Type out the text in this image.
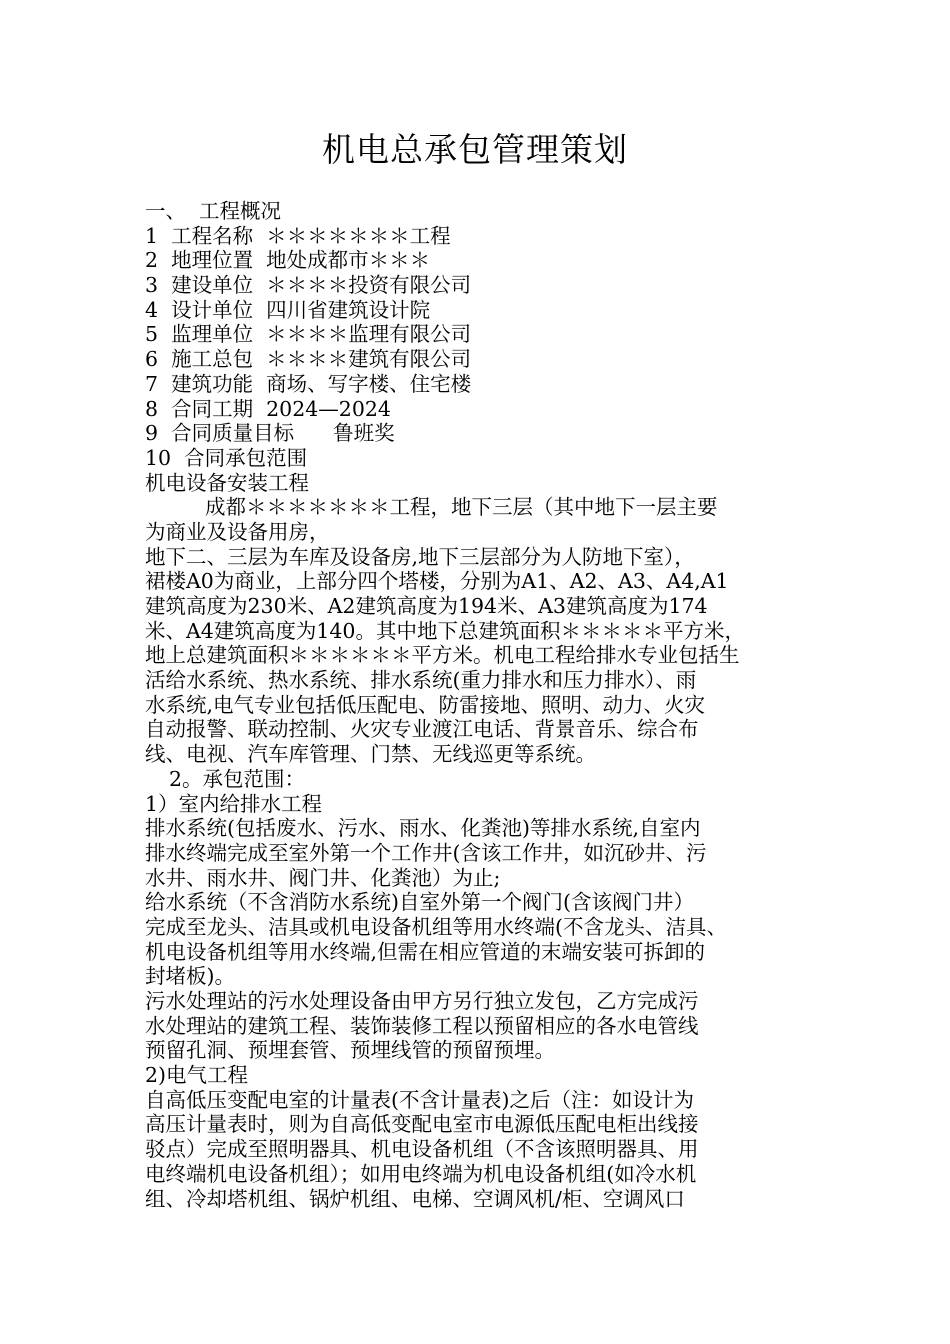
机电总承包管理策划
一、  工程概况
1  工程名称  ＊＊＊＊＊＊＊工程
2  地理位置  地处成都市＊＊＊
3  建设单位  ＊＊＊＊投资有限公司
4  设计单位  四川省建筑设计院
5  监理单位  ＊＊＊＊监理有限公司
6  施工总包  ＊＊＊＊建筑有限公司
7  建筑功能  商场、写字楼、住宅楼
8  合同工期  2024—2024
9  合同质量目标      鲁班奖
10  合同承包范围
机电设备安装工程
成都＊＊＊＊＊＊＊工程，地下三层（其中地下一层主要
为商业及设备用房，
地下二、三层为车库及设备房,地下三层部分为人防地下室），
裙楼A0为商业，上部分四个塔楼，分别为A1、A2、A3、A4,A1
建筑高度为230米、A2建筑高度为194米、A3建筑高度为174
米、A4建筑高度为140。其中地下总建筑面积＊＊＊＊＊平方米，
地上总建筑面积＊＊＊＊＊＊平方米。机电工程给排水专业包括生
活给水系统、热水系统、排水系统(重力排水和压力排水）、雨
水系统,电气专业包括低压配电、防雷接地、照明、动力、火灾
自动报警、联动控制、火灾专业渡江电话、背景音乐、综合布
线、电视、汽车库管理、门禁、无线巡更等系统。
2。承包范围：
1）室内给排水工程
排水系统(包括废水、污水、雨水、化粪池)等排水系统,自室内
排水终端完成至室外第一个工作井(含该工作井，如沉砂井、污
水井、雨水井、阀门井、化粪池）为止;
给水系统（不含消防水系统)自室外第一个阀门(含该阀门井）
完成至龙头、洁具或机电设备机组等用水终端(不含龙头、洁具、
机电设备机组等用水终端,但需在相应管道的末端安装可拆卸的
封堵板)。
污水处理站的污水处理设备由甲方另行独立发包，乙方完成污
水处理站的建筑工程、装饰装修工程以预留相应的各水电管线
预留孔洞、预埋套管、预埋线管的预留预埋。
2)电气工程
自高低压变配电室的计量表(不含计量表)之后（注：如设计为
高压计量表时，则为自高低变配电室市电源低压配电柜出线接
驳点）完成至照明器具、机电设备机组（不含该照明器具、用
电终端机电设备机组）；如用电终端为机电设备机组(如冷水机
组、冷却塔机组、锅炉机组、电梯、空调风机/柜、空调风口
